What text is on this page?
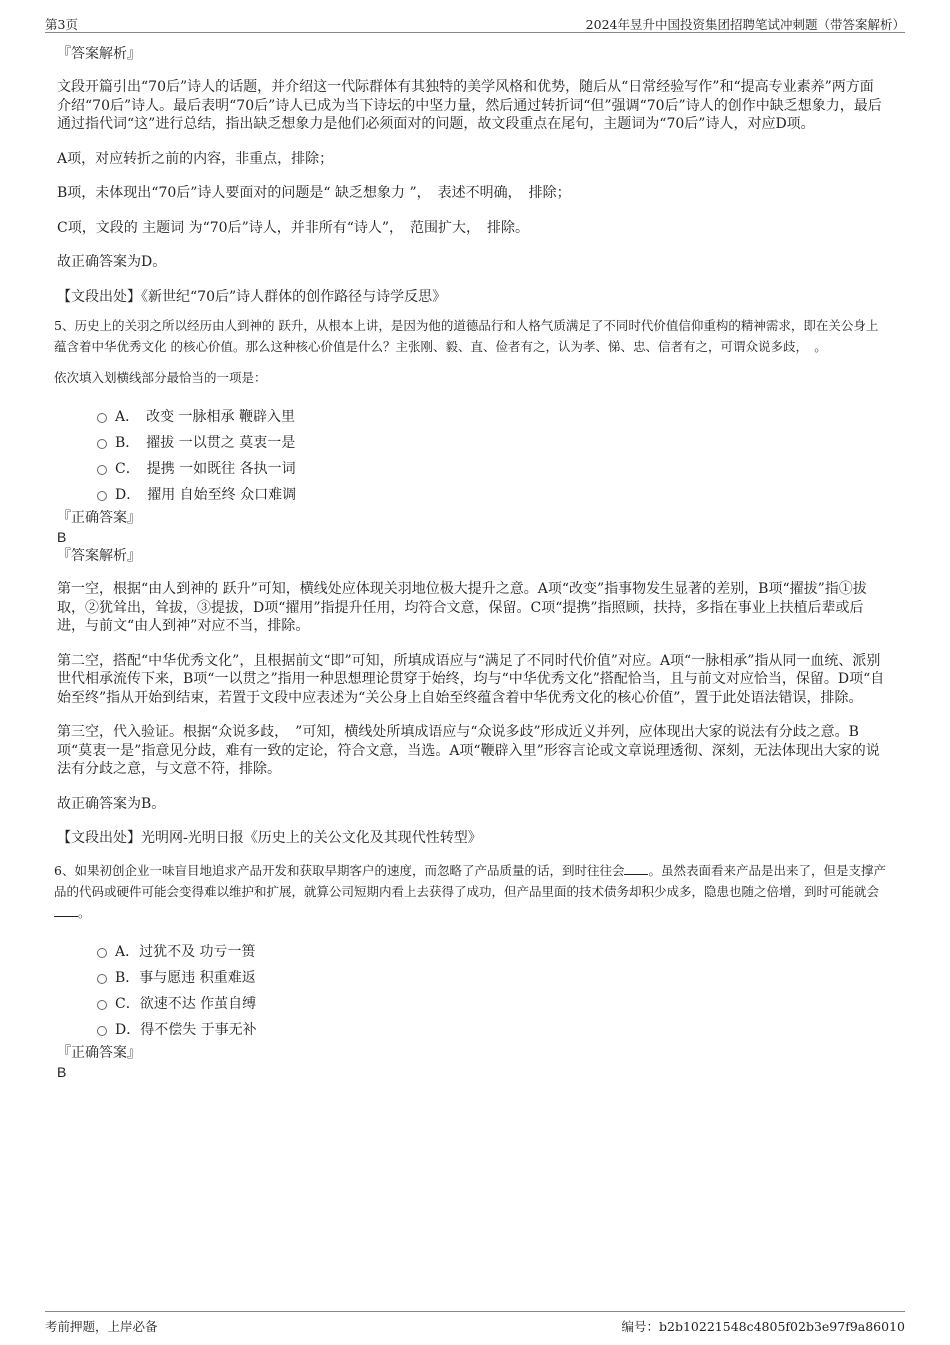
第3页	2024年昱升中国投资集团招聘笔试冲刺题（带答案解析）
『答案解析』

文段开篇引出“70后”诗人的话题，并介绍这一代际群体有其独特的美学风格和优势，随后从“日常经验写作”和“提高专业素养”两方面介绍“70后”诗人。最后表明“70后”诗人已成为当下诗坛的中坚力量，然后通过转折词“但”强调“70后”诗人的创作中缺乏想象力，最后通过指代词“这”进行总结，指出缺乏想象力是他们必须面对的问题，故文段重点在尾句，主题词为“70后”诗人，对应D项。

A项，对应转折之前的内容，非重点，排除；

B项，未体现出“70后”诗人要面对的问题是“ 缺乏想象力 ”，　表述不明确，　排除；

C项，文段的 主题词 为“70后”诗人，并非所有“诗人”，　范围扩大，　排除。

故正确答案为D。

【文段出处】《新世纪“70后”诗人群体的创作路径与诗学反思》

5、历史上的关羽之所以经历由人到神的 跃升，从根本上讲，是因为他的道德品行和人格气质满足了不同时代价值信仰重构的精神需求，即在关公身上蕴含着中华优秀文化 的核心价值。那么这种核心价值是什么？主张刚、毅、直、俭者有之，认为孝、悌、忠、信者有之，可谓众说多歧，　。

依次填入划横线部分最恰当的一项是：

A．　改变 一脉相承 鞭辟入里
B．　擢拔 一以贯之 莫衷一是
C．　提携 一如既往 各执一词
D．　擢用 自始至终 众口难调
『正确答案』
B
『答案解析』

第一空，根据“由人到神的 跃升”可知，横线处应体现关羽地位极大提升之意。A项“改变”指事物发生显著的差别，B项“擢拔”指①拔取，②犹耸出，耸拔，③提拔，D项“擢用”指提升任用，均符合文意，保留。C项“提携”指照顾，扶持，多指在事业上扶植后辈或后进，与前文“由人到神”对应不当，排除。

第二空，搭配“中华优秀文化”，且根据前文“即”可知，所填成语应与“满足了不同时代价值”对应。A项“一脉相承”指从同一血统、派别世代相承流传下来，B项“一以贯之”指用一种思想理论贯穿于始终，均与“中华优秀文化”搭配恰当，且与前文对应恰当，保留。D项“自始至终”指从开始到结束，若置于文段中应表述为“关公身上自始至终蕴含着中华优秀文化的核心价值”，置于此处语法错误，排除。

第三空，代入验证。根据“众说多歧，　”可知，横线处所填成语应与“众说多歧”形成近义并列，应体现出大家的说法有分歧之意。B项“莫衷一是”指意见分歧，难有一致的定论，符合文意，当选。A项“鞭辟入里”形容言论或文章说理透彻、深刻，无法体现出大家的说法有分歧之意，与文意不符，排除。

故正确答案为B。

【文段出处】光明网-光明日报《历史上的关公文化及其现代性转型》

6、如果初创企业一味盲目地追求产品开发和获取早期客户的速度，而忽略了产品质量的话，到时往往会 。虽然表面看来产品是出来了，但是支撑产品的代码或硬件可能会变得难以维护和扩展，就算公司短期内看上去获得了成功，但产品里面的技术债务却积少成多，隐患也随之倍增，到时可能就会。

A．过犹不及 功亏一篑
B．事与愿违 积重难返
C．欲速不达 作茧自缚
D．得不偿失 于事无补
『正确答案』
B
考前押题，上岸必备	编号：b2b10221548c4805f02b3e97f9a86010
